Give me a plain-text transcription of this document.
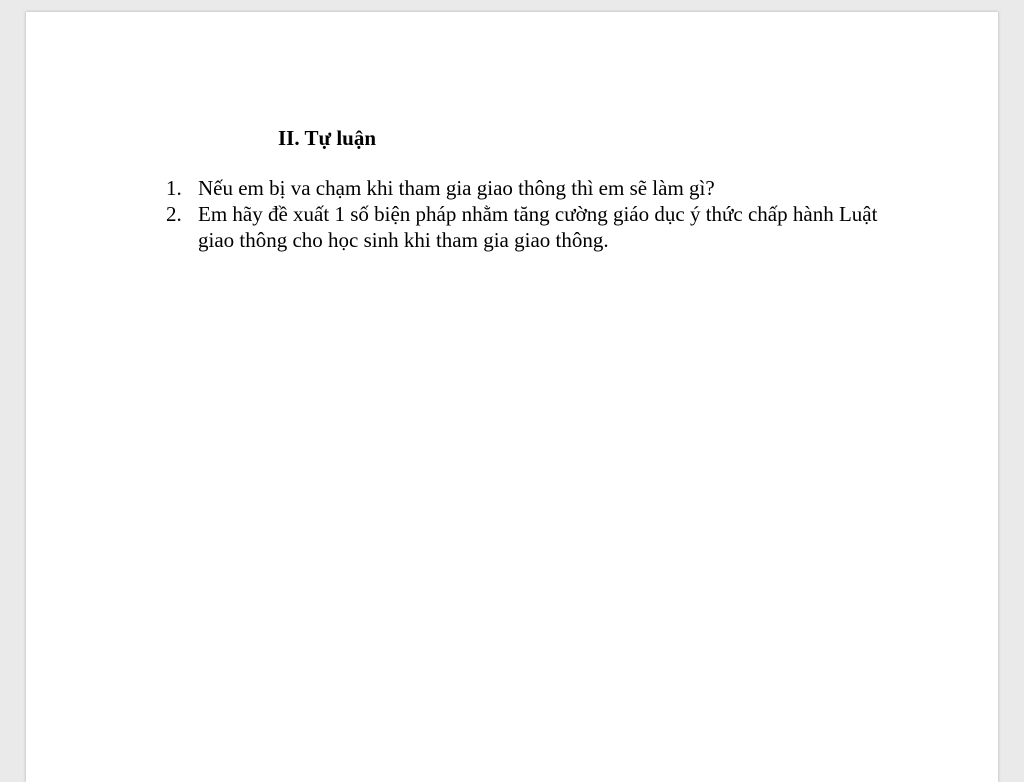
II. Tự luận
1. Nếu em bị va chạm khi tham gia giao thông thì em sẽ làm gì?
2. Em hãy đề xuất 1 số biện pháp nhằm tăng cường giáo dục ý thức chấp hành Luật giao thông cho học sinh khi tham gia giao thông.
